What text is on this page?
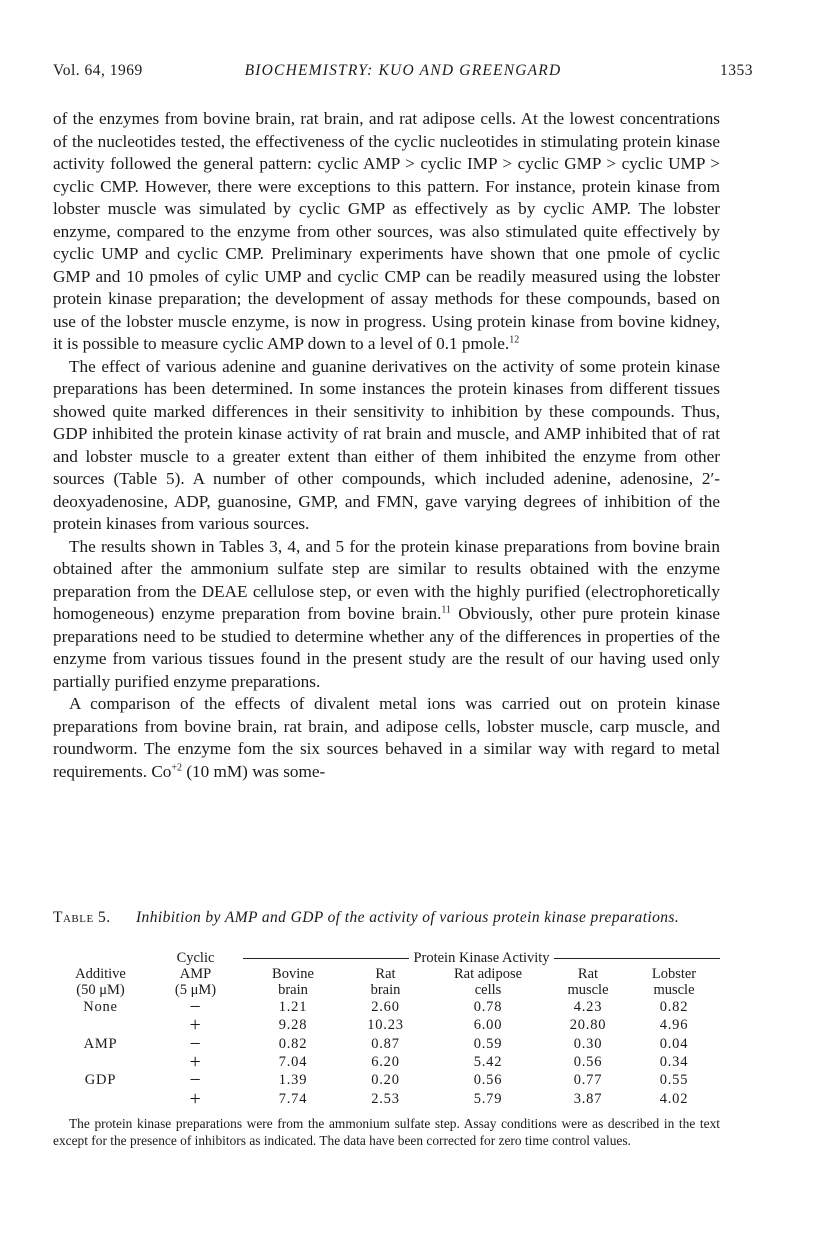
Vol. 64, 1969	BIOCHEMISTRY: KUO AND GREENGARD	1353

of the enzymes from bovine brain, rat brain, and rat adipose cells. At the lowest concentrations of the nucleotides tested, the effectiveness of the cyclic nucleotides in stimulating protein kinase activity followed the general pattern: cyclic AMP > cyclic IMP > cyclic GMP > cyclic UMP > cyclic CMP. However, there were exceptions to this pattern. For instance, protein kinase from lobster muscle was simulated by cyclic GMP as effectively as by cyclic AMP. The lobster enzyme, compared to the enzyme from other sources, was also stimulated quite effectively by cyclic UMP and cyclic CMP. Preliminary experiments have shown that one pmole of cyclic GMP and 10 pmoles of cylic UMP and cyclic CMP can be readily measured using the lobster protein kinase preparation; the development of assay methods for these compounds, based on use of the lobster muscle enzyme, is now in progress. Using protein kinase from bovine kidney, it is possible to measure cyclic AMP down to a level of 0.1 pmole.$^{12}$

The effect of various adenine and guanine derivatives on the activity of some protein kinase preparations has been determined. In some instances the protein kinases from different tissues showed quite marked differences in their sensitivity to inhibition by these compounds. Thus, GDP inhibited the protein kinase activity of rat brain and muscle, and AMP inhibited that of rat and lobster muscle to a greater extent than either of them inhibited the enzyme from other sources (Table 5). A number of other compounds, which included adenine, adenosine, 2′-deoxyadenosine, ADP, guanosine, GMP, and FMN, gave varying degrees of inhibition of the protein kinases from various sources.

The results shown in Tables 3, 4, and 5 for the protein kinase preparations from bovine brain obtained after the ammonium sulfate step are similar to results obtained with the enzyme preparation from the DEAE cellulose step, or even with the highly purified (electrophoretically homogeneous) enzyme preparation from bovine brain.$^{11}$ Obviously, other pure protein kinase preparations need to be studied to determine whether any of the differences in properties of the enzyme from various tissues found in the present study are the result of our having used only partially purified enzyme preparations.

A comparison of the effects of divalent metal ions was carried out on protein kinase preparations from bovine brain, rat brain, and adipose cells, lobster muscle, carp muscle, and roundworm. The enzyme fom the six sources behaved in a similar way with regard to metal requirements. $Co^{+2}$ (10 mM) was some-

Table 5. Inhibition by AMP and GDP of the activity of various protein kinase preparations.
	Cyclic	Protein Kinase Activity				

Additive	AMP	Bovine	Rat	Rat adipose	Rat	Lobster
(50 μM)	(5 μM)	brain	brain	cells	muscle	muscle
None	−	1.21	2.60	0.78	4.23	0.82
	+	9.28	10.23	6.00	20.80	4.96
AMP	−	0.82	0.87	0.59	0.30	0.04
	+	7.04	6.20	5.42	0.56	0.34
GDP	−	1.39	0.20	0.56	0.77	0.55
	+	7.74	2.53	5.79	3.87	4.02

The protein kinase preparations were from the ammonium sulfate step. Assay conditions were as described in the text except for the presence of inhibitors as indicated. The data have been corrected for zero time control values.
